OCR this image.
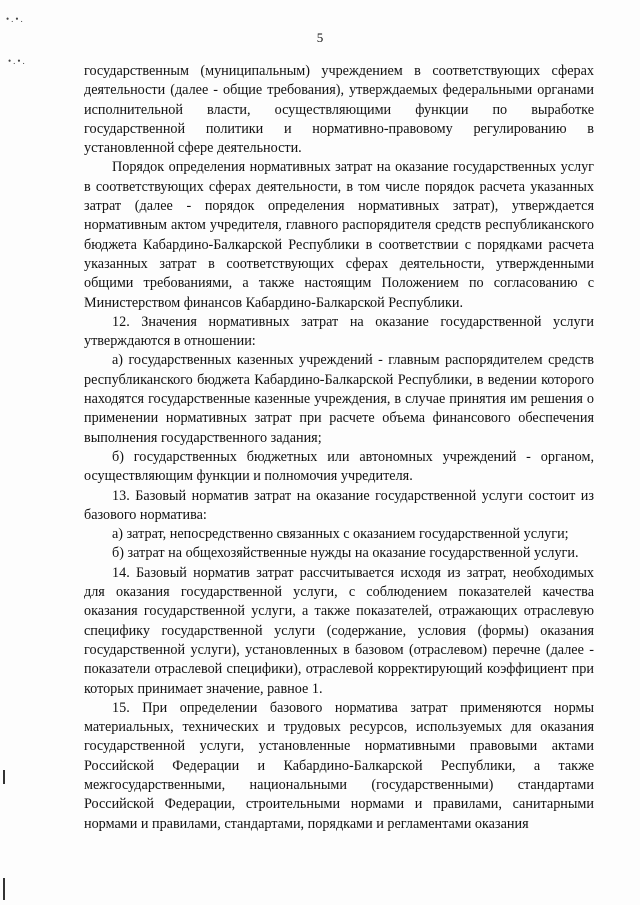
•.•.
•.•.
5

государственным (муниципальным) учреждением в соответствующих сферах деятельности (далее - общие требования), утверждаемых федеральными органами исполнительной власти, осуществляющими функции по выработке государственной политики и нормативно-правовому регулированию в установленной сфере деятельности.

Порядок определения нормативных затрат на оказание государственных услуг в соответствующих сферах деятельности, в том числе порядок расчета указанных затрат (далее - порядок определения нормативных затрат), утверждается нормативным актом учредителя, главного распорядителя средств республиканского бюджета Кабардино-Балкарской Республики в соответствии с порядками расчета указанных затрат в соответствующих сферах деятельности, утвержденными общими требованиями, а также настоящим Положением по согласованию с Министерством финансов Кабардино-Балкарской Республики.

12. Значения нормативных затрат на оказание государственной услуги утверждаются в отношении:

а) государственных казенных учреждений - главным распорядителем средств республиканского бюджета Кабардино-Балкарской Республики, в ведении которого находятся государственные казенные учреждения, в случае принятия им решения о применении нормативных затрат при расчете объема финансового обеспечения выполнения государственного задания;

б) государственных бюджетных или автономных учреждений - органом, осуществляющим функции и полномочия учредителя.

13. Базовый норматив затрат на оказание государственной услуги состоит из базового норматива:

а) затрат, непосредственно связанных с оказанием государственной услуги;

б) затрат на общехозяйственные нужды на оказание государственной услуги.

14. Базовый норматив затрат рассчитывается исходя из затрат, необходимых для оказания государственной услуги, с соблюдением показателей качества оказания государственной услуги, а также показателей, отражающих отраслевую специфику государственной услуги (содержание, условия (формы) оказания государственной услуги), установленных в базовом (отраслевом) перечне (далее - показатели отраслевой специфики), отраслевой корректирующий коэффициент при которых принимает значение, равное 1.

15. При определении базового норматива затрат применяются нормы материальных, технических и трудовых ресурсов, используемых для оказания государственной услуги, установленные нормативными правовыми актами Российской Федерации и Кабардино-Балкарской Республики, а также межгосударственными, национальными (государственными) стандартами Российской Федерации, строительными нормами и правилами, санитарными нормами и правилами, стандартами, порядками и регламентами оказания
